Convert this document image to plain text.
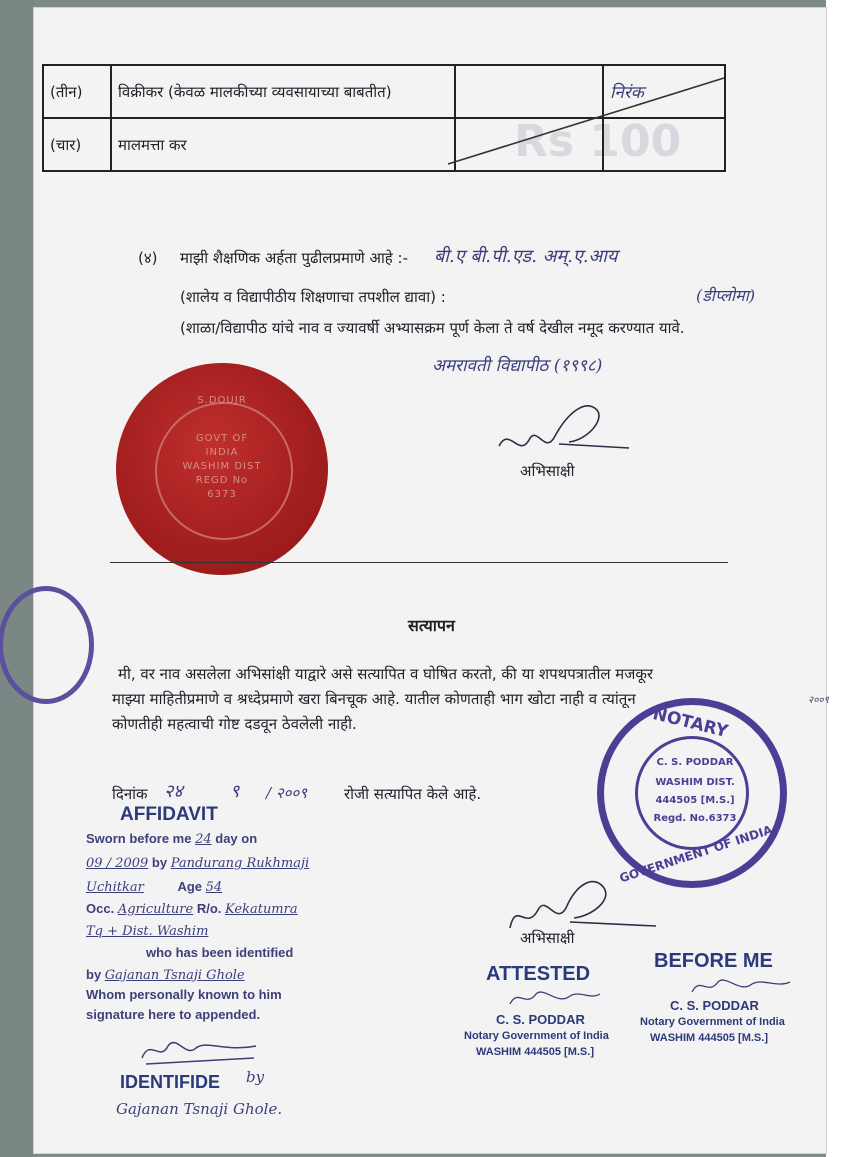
Rs 100
(तीन)	विक्रीकर (केवळ मालकीच्या व्यवसायाच्या बाबतीत)		निरंक
(चार)	मालमत्ता कर		
(४) माझी शैक्षणिक अर्हता पुढीलप्रमाणे आहे :- बी.ए बी.पी.एड. अम्.ए.आय
(शालेय व विद्यापीठीय शिक्षणाचा तपशील द्यावा) :	(डीप्लोमा)
(शाळा/विद्यापीठ यांचे नाव व ज्यावर्षी अभ्यासक्रम पूर्ण केला ते वर्ष देखील नमूद करण्यात यावे.
अमरावती विद्यापीठ (१९९८)
S.DOUJR
GOVT OF
INDIA
WASHIM DIST
REGD No
6373
अभिसाक्षी
सत्यापन
मी, वर नाव असलेला अभिसांक्षी याद्वारे असे सत्यापित व घोषित करतो, की या शपथपत्रातील मजकूर
माझ्या माहितीप्रमाणे व श्रध्देप्रमाणे खरा बिनचूक आहे. यातील कोणताही भाग खोटा नाही व त्यांतून
कोणतीही महत्वाची गोष्ट दडवून ठेवलेली नाही.
दिनांक २४	९ / २००९ रोजी सत्यापित केले आहे.
२००९
NOTARY
GOVERNMENT OF INDIA
C. S. PODDAR
WASHIM DIST.
444505 [M.S.]
Regd. No.6373
AFFIDAVIT
Sworn before me 24 day on
09 / 2009 by Pandurang Rukhmaji
Uchitkar	Age 54
Occ. Agriculture R/o. Kekatumra
Tq + Dist. Washim
who has been identified
by Gajanan Tsnaji Ghole
Whom personally known to him
signature here to appended.
IDENTIFIDE by
Gajanan Tsnaji Ghole.
अभिसाक्षी
ATTESTED
C. S. PODDAR
Notary Government of India
WASHIM 444505 [M.S.]
BEFORE ME
C. S. PODDAR
Notary Government of India
WASHIM 444505 [M.S.]
